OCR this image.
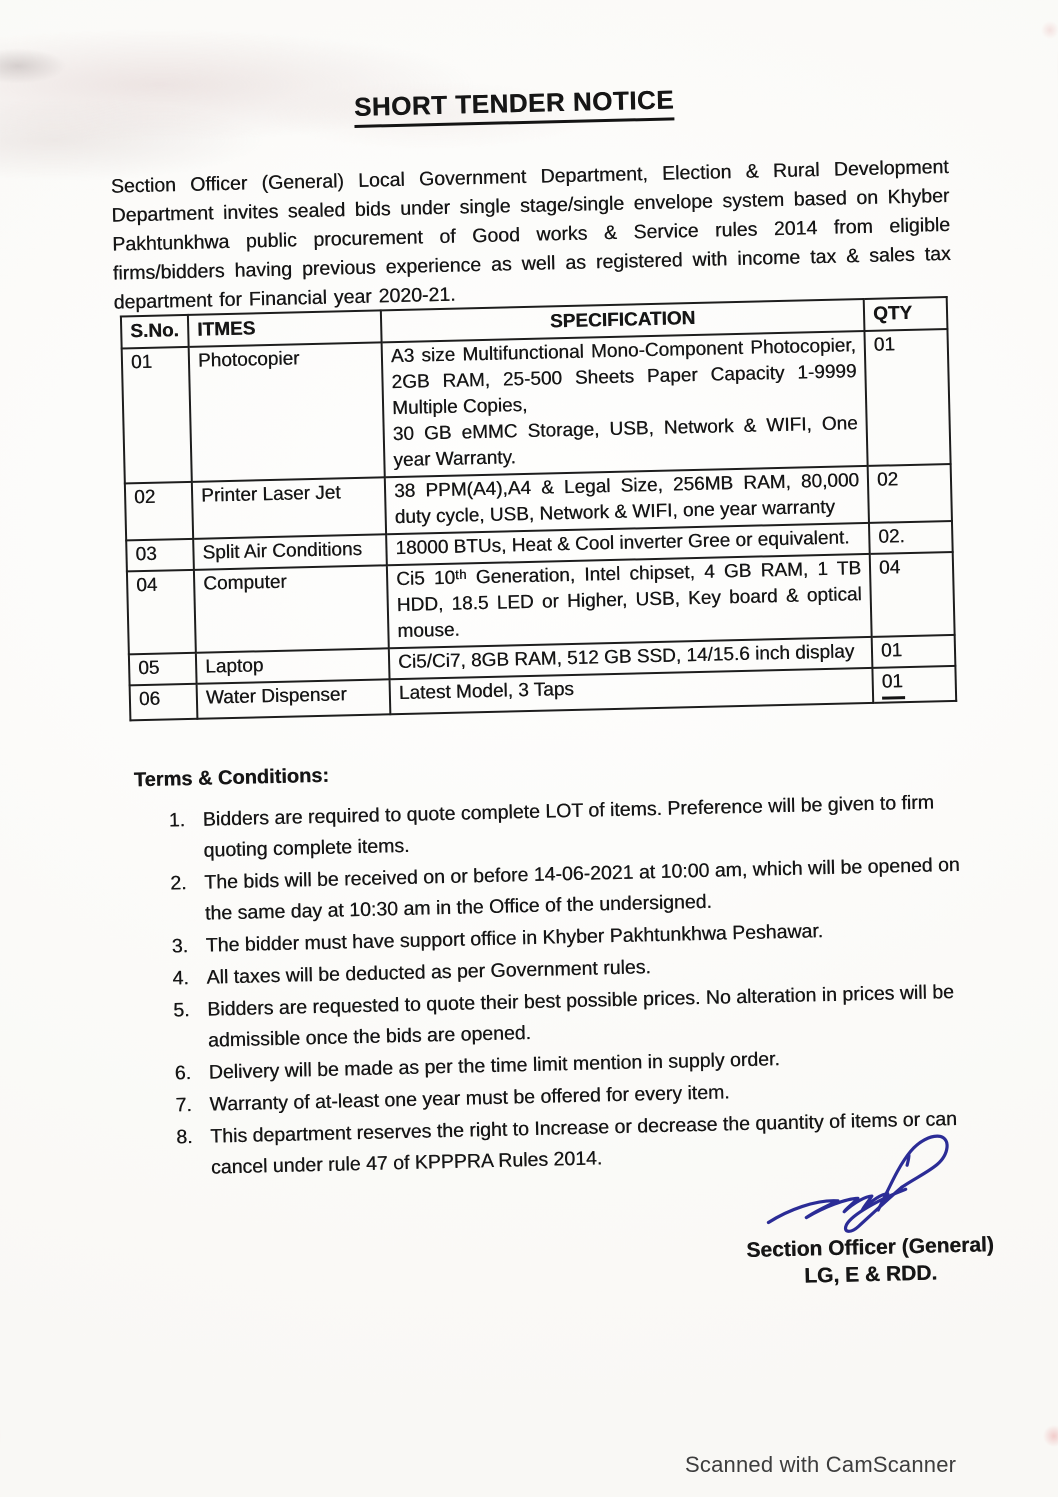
SHORT TENDER NOTICE

Section Officer (General) Local Government Department, Election & Rural Development Department invites sealed bids under single stage/single envelope system based on Khyber Pakhtunkhwa public procurement of Good works & Service rules 2014 from eligible firms/bidders having previous experience as well as registered with income tax & sales tax department for Financial year 2020-21.

S.No.	ITMES	SPECIFICATION	QTY
01	Photocopier	A3 size Multifunctional Mono-Component Photocopier, 2GB RAM, 25-500 Sheets Paper Capacity 1-9999 Multiple Copies,
30 GB eMMC Storage, USB, Network & WIFI, One year Warranty.	01
02	Printer Laser Jet	38 PPM(A4),A4 & Legal Size, 256MB RAM, 80,000 duty cycle, USB, Network & WIFI, one year warranty	02
03	Split Air Conditions	18000 BTUs, Heat & Cool inverter Gree or equivalent.	02.
04	Computer	Ci5 10ᵗʰ Generation, Intel chipset, 4 GB RAM, 1 TB HDD, 18.5 LED or Higher, USB, Key board & optical mouse.	04
05	Laptop	Ci5/Ci7, 8GB RAM, 512 GB SSD, 14/15.6 inch display	01
06	Water Dispenser	Latest Model, 3 Taps	01
Terms & Conditions:
1. Bidders are required to quote complete LOT of items. Preference will be given to firm quoting complete items.
2. The bids will be received on or before 14-06-2021 at 10:00 am, which will be opened on the same day at 10:30 am in the Office of the undersigned.
3. The bidder must have support office in Khyber Pakhtunkhwa Peshawar.
4. All taxes will be deducted as per Government rules.
5. Bidders are requested to quote their best possible prices. No alteration in prices will be admissible once the bids are opened.
6. Delivery will be made as per the time limit mention in supply order.
7. Warranty of at-least one year must be offered for every item.
8. This department reserves the right to Increase or decrease the quantity of items or can cancel under rule 47 of KPPPRA Rules 2014.
Section Officer (General)
LG, E & RDD.
Scanned with CamScanner
